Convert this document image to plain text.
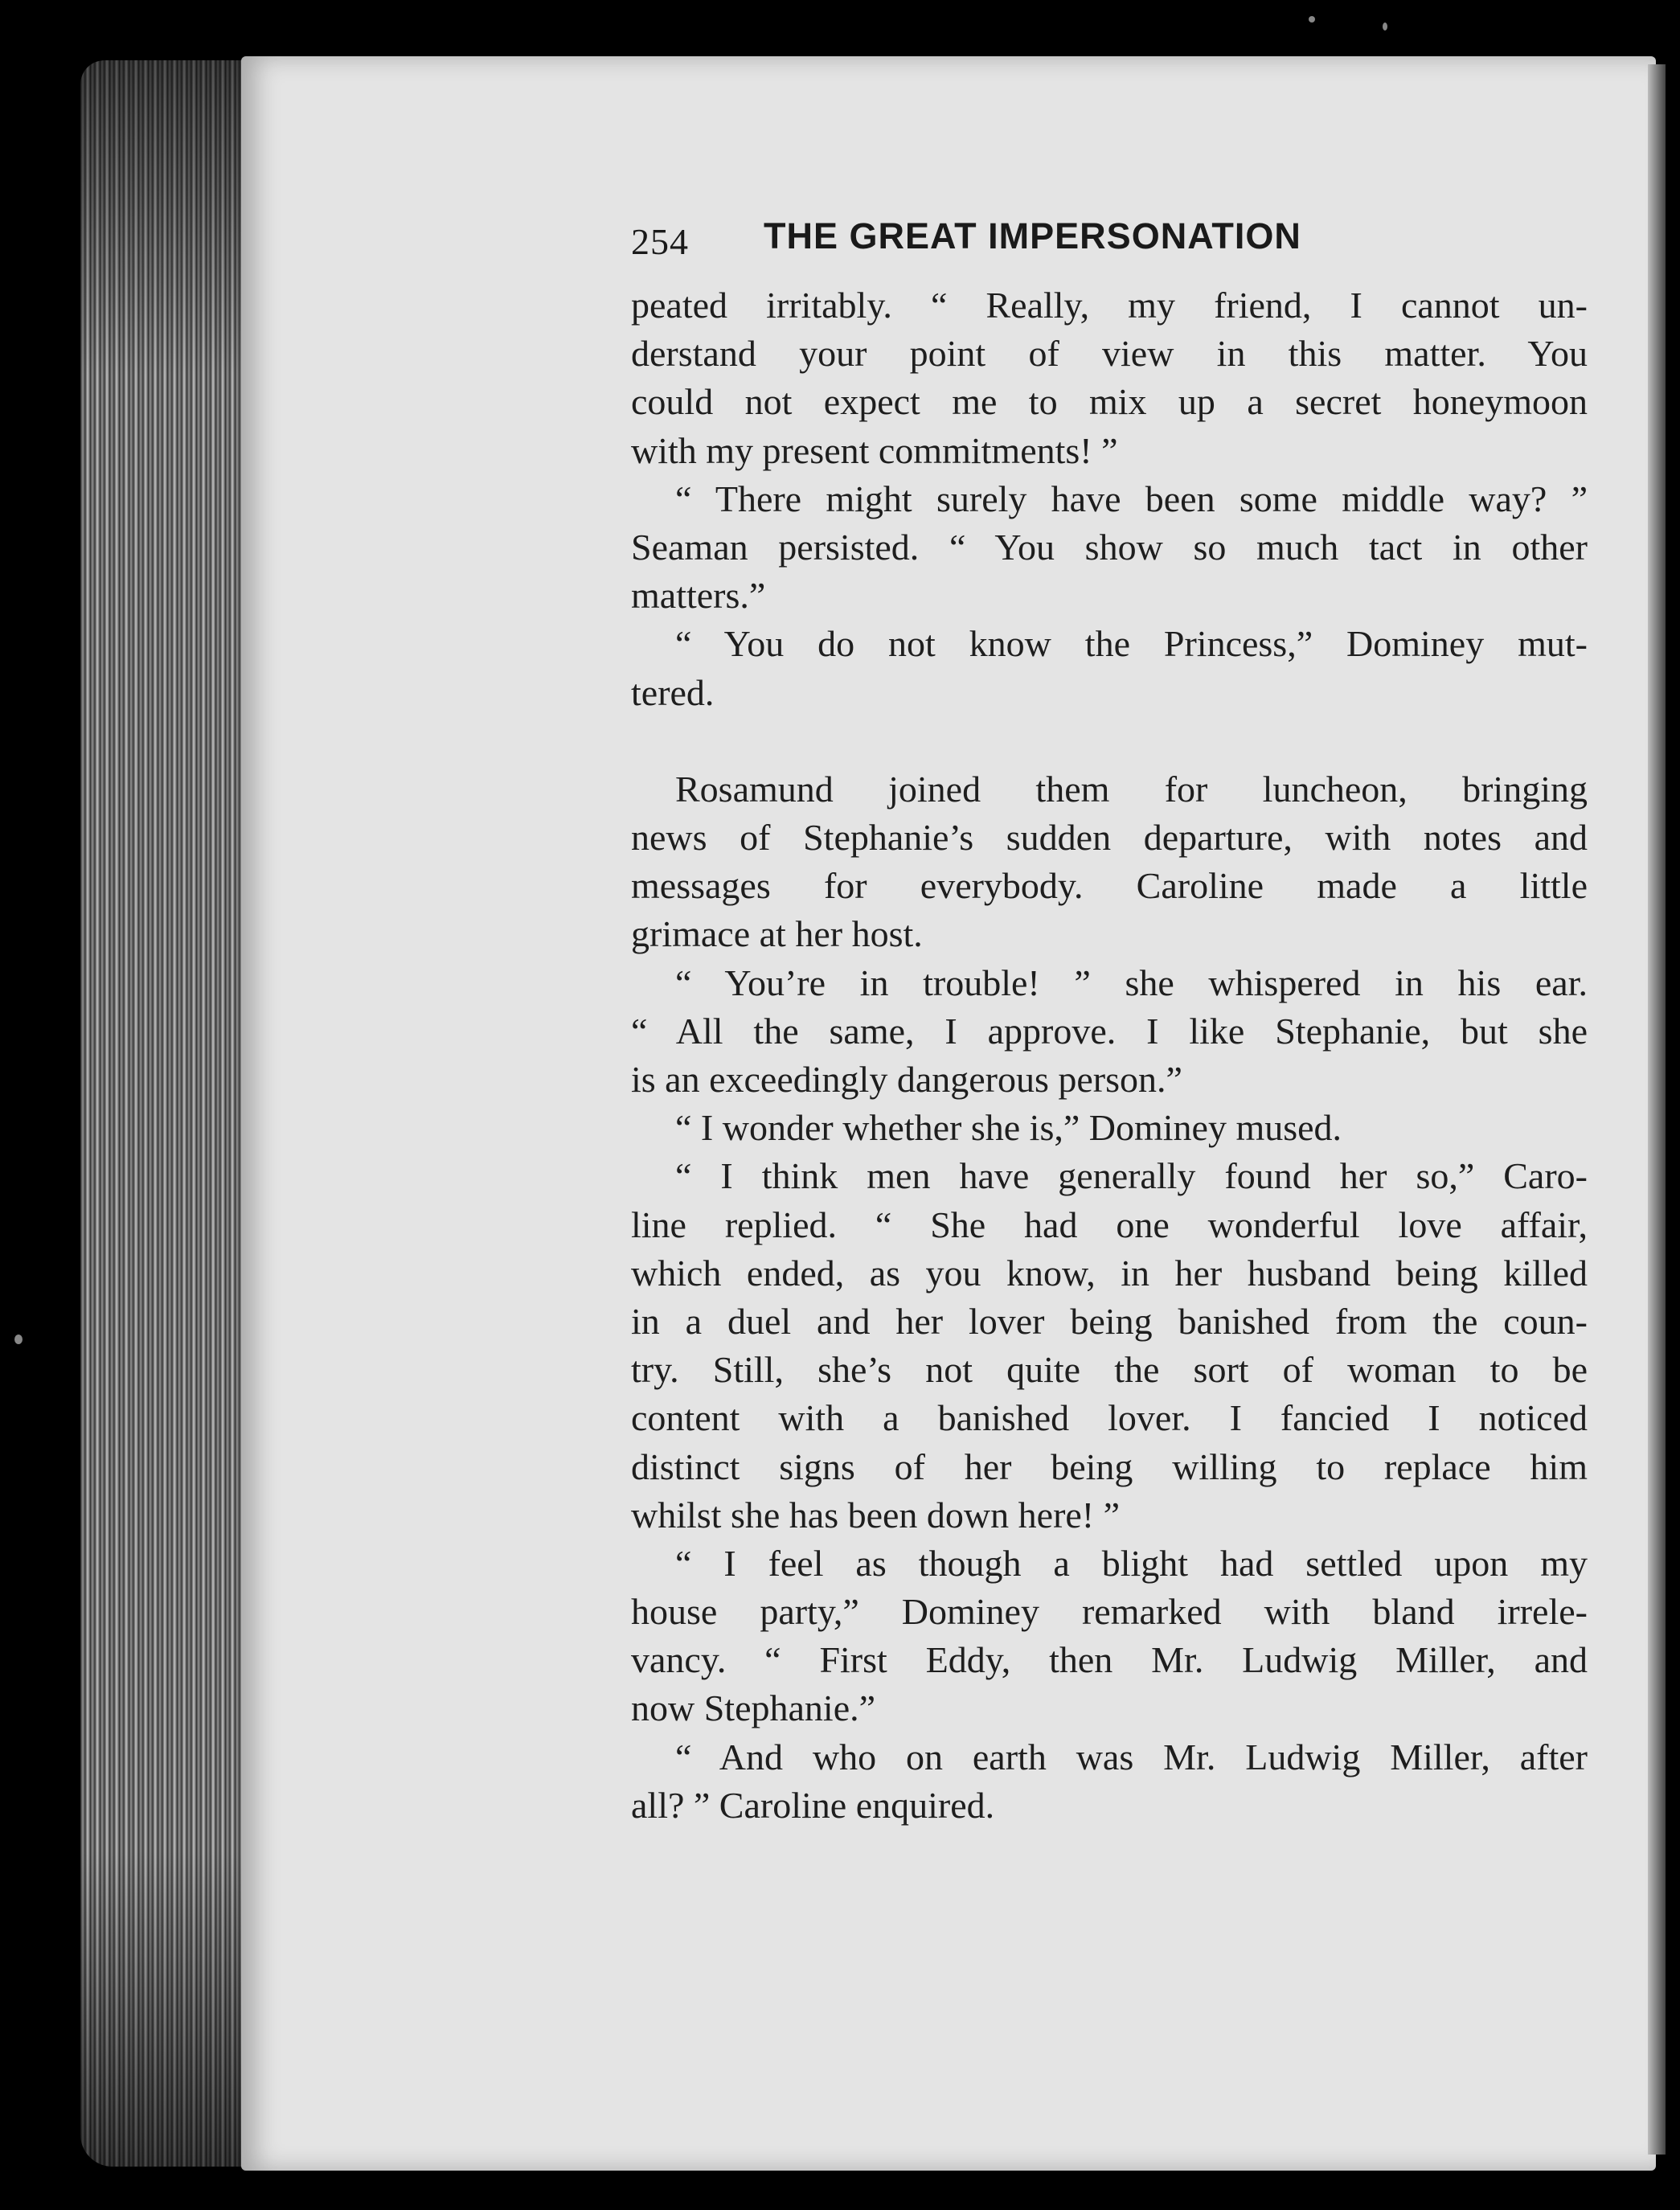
254 THE GREAT IMPERSONATION
peated irritably. “ Really, my friend, I cannot un-
derstand your point of view in this matter. You
could not expect me to mix up a secret honeymoon
with my present commitments! ”
“ There might surely have been some middle way? ”
Seaman persisted. “ You show so much tact in other
matters.”
“ You do not know the Princess,” Dominey mut-
tered.
Rosamund joined them for luncheon, bringing
news of Stephanie’s sudden departure, with notes and
messages for everybody. Caroline made a little
grimace at her host.
“ You’re in trouble! ” she whispered in his ear.
“ All the same, I approve. I like Stephanie, but she
is an exceedingly dangerous person.”
“ I wonder whether she is,” Dominey mused.
“ I think men have generally found her so,” Caro-
line replied. “ She had one wonderful love affair,
which ended, as you know, in her husband being killed
in a duel and her lover being banished from the coun-
try. Still, she’s not quite the sort of woman to be
content with a banished lover. I fancied I noticed
distinct signs of her being willing to replace him
whilst she has been down here! ”
“ I feel as though a blight had settled upon my
house party,” Dominey remarked with bland irrele-
vancy. “ First Eddy, then Mr. Ludwig Miller, and
now Stephanie.”
“ And who on earth was Mr. Ludwig Miller, after
all? ” Caroline enquired.
